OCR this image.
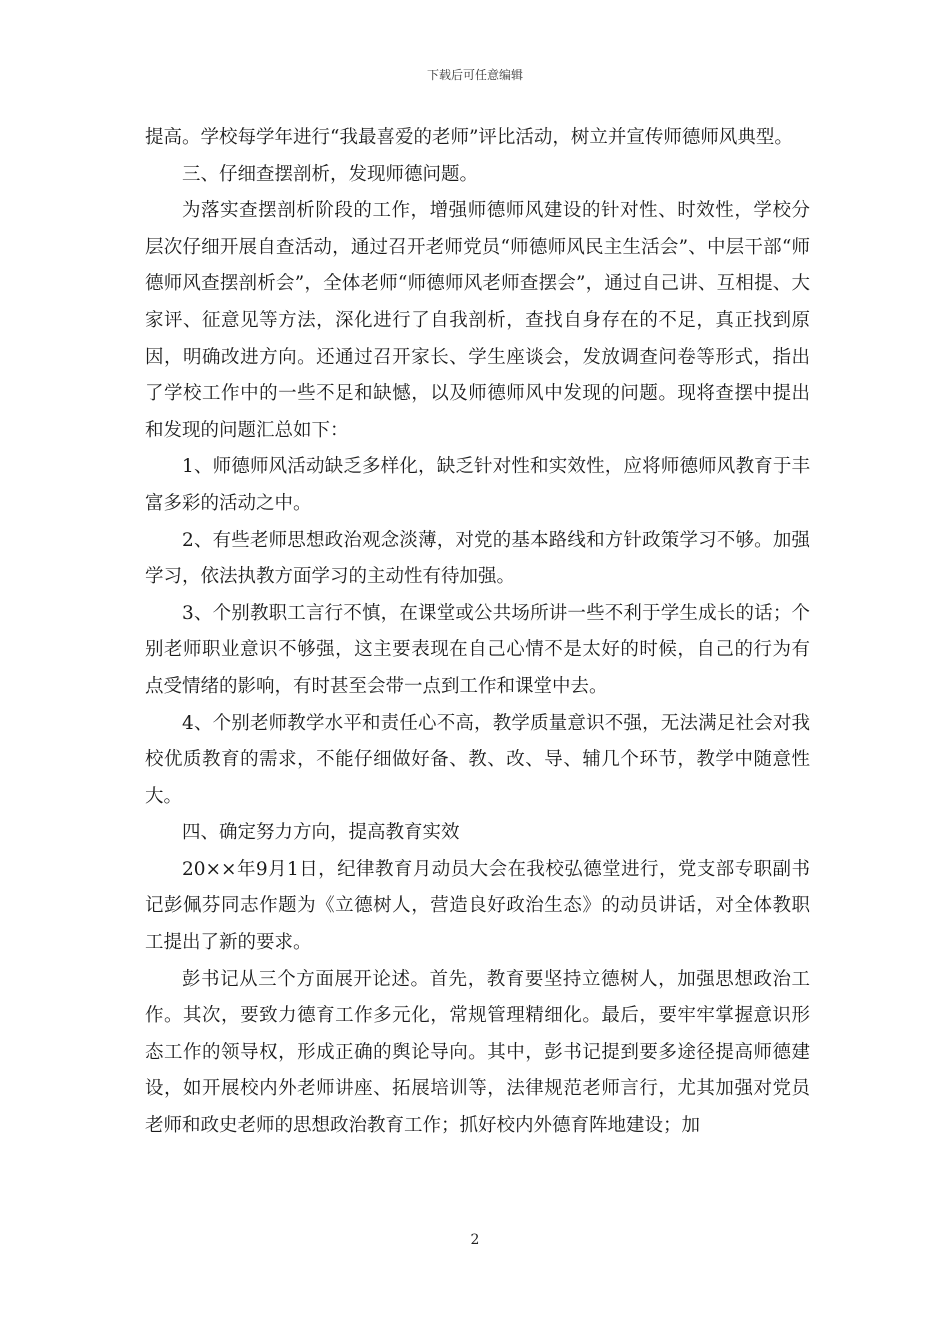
下载后可任意编辑

提高。学校每学年进行“我最喜爱的老师”评比活动，树立并宣传师德师风典型。

三、仔细查摆剖析，发现师德问题。

为落实查摆剖析阶段的工作，增强师德师风建设的针对性、时效性，学校分层次仔细开展自查活动，通过召开老师党员“师德师风民主生活会”、中层干部“师德师风查摆剖析会”，全体老师“师德师风老师查摆会”，通过自己讲、互相提、大家评、征意见等方法，深化进行了自我剖析，查找自身存在的不足，真正找到原因，明确改进方向。还通过召开家长、学生座谈会，发放调查问卷等形式，指出了学校工作中的一些不足和缺憾，以及师德师风中发现的问题。现将查摆中提出和发现的问题汇总如下：

1、师德师风活动缺乏多样化，缺乏针对性和实效性，应将师德师风教育于丰富多彩的活动之中。

2、有些老师思想政治观念淡薄，对党的基本路线和方针政策学习不够。加强学习，依法执教方面学习的主动性有待加强。

3、个别教职工言行不慎，在课堂或公共场所讲一些不利于学生成长的话；个别老师职业意识不够强，这主要表现在自己心情不是太好的时候，自己的行为有点受情绪的影响，有时甚至会带一点到工作和课堂中去。

4、个别老师教学水平和责任心不高，教学质量意识不强，无法满足社会对我校优质教育的需求，不能仔细做好备、教、改、导、辅几个环节，教学中随意性大。

四、确定努力方向，提高教育实效

20××年9月1日，纪律教育月动员大会在我校弘德堂进行，党支部专职副书记彭佩芬同志作题为《立德树人，营造良好政治生态》的动员讲话，对全体教职工提出了新的要求。

彭书记从三个方面展开论述。首先，教育要坚持立德树人，加强思想政治工作。其次，要致力德育工作多元化，常规管理精细化。最后，要牢牢掌握意识形态工作的领导权，形成正确的舆论导向。其中，彭书记提到要多途径提高师德建设，如开展校内外老师讲座、拓展培训等，法律规范老师言行，尤其加强对党员老师和政史老师的思想政治教育工作；抓好校内外德育阵地建设；加

2
